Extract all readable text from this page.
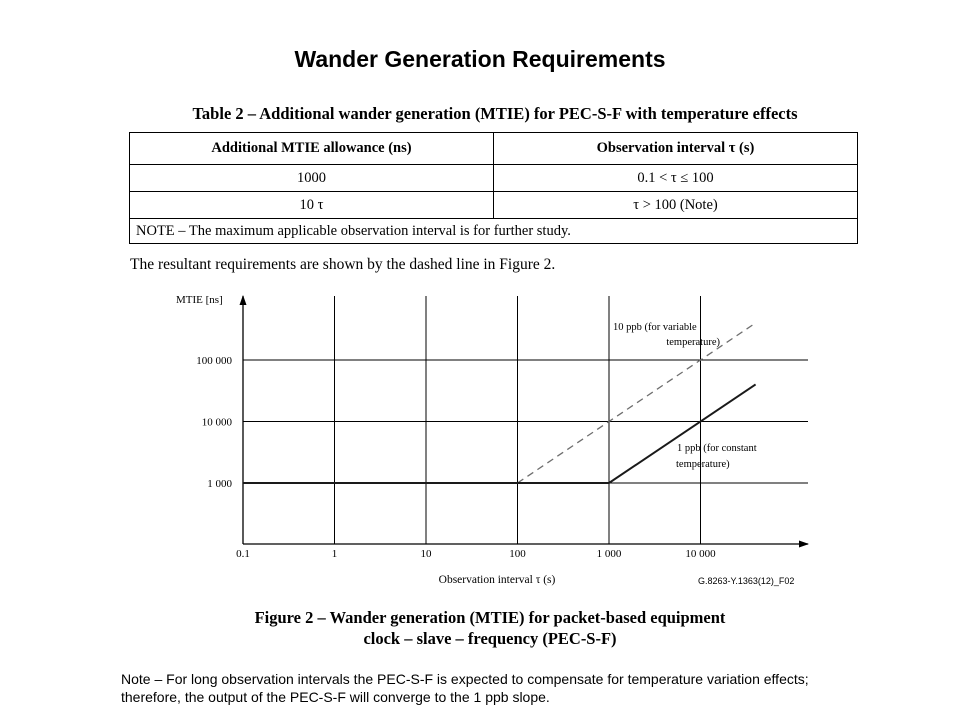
Wander Generation Requirements
Table 2 – Additional wander generation (MTIE) for PEC-S-F with temperature effects
Additional MTIE allowance (ns)	Observation interval τ (s)
1000	0.1 < τ ≤ 100
10 τ	τ > 100 (Note)
NOTE – The maximum applicable observation interval is for further study.	
The resultant requirements are shown by the dashed line in Figure 2.
0.1	1	10	100	1 000	10 000
1 000
10 000
100 000
10 ppb (for variable
temperature)
1 ppb (for constant
temperature)
MTIE [ns]
Observation interval τ (s)	G.8263-Y.1363(12)_F02
Figure 2 – Wander generation (MTIE) for packet-based equipment
clock – slave – frequency (PEC-S-F)
Note – For long observation intervals the PEC-S-F is expected to compensate for temperature variation effects; therefore, the output of the PEC-S-F will converge to the 1 ppb slope.
